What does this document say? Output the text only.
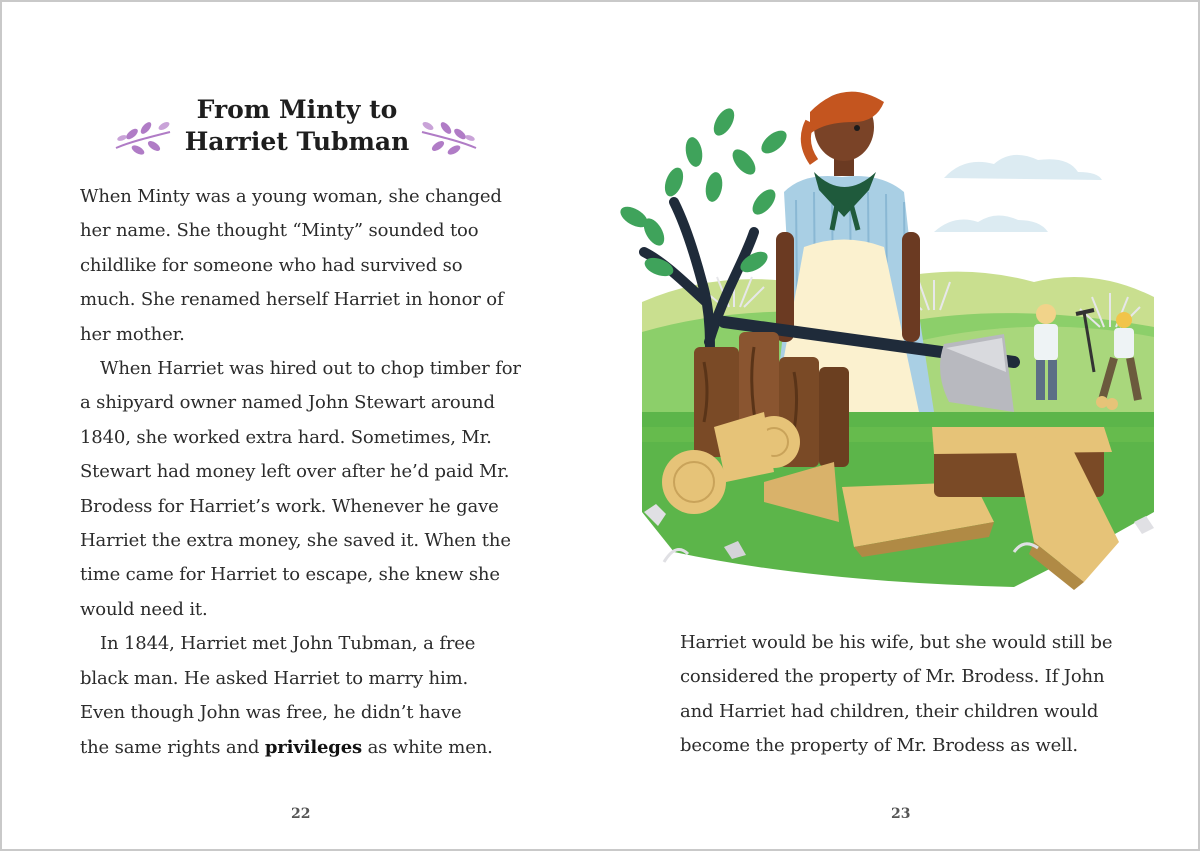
From Minty to
Harriet Tubman
When Minty was a young woman, she changed
her name. She thought “Minty” sounded too
childlike for someone who had survived so
much. She renamed herself Harriet in honor of
her mother.
When Harriet was hired out to chop timber for
a shipyard owner named John Stewart around
1840, she worked extra hard. Sometimes, Mr.
Stewart had money left over after he’d paid Mr.
Brodess for Harriet’s work. Whenever he gave
Harriet the extra money, she saved it. When the
time came for Harriet to escape, she knew she
would need it.
In 1844, Harriet met John Tubman, a free
black man. He asked Harriet to marry him.
Even though John was free, he didn’t have
the same rights and privileges as white men.
Harriet would be his wife, but she would still be
considered the property of Mr. Brodess. If John
and Harriet had children, their children would
become the property of Mr. Brodess as well.
22	23
